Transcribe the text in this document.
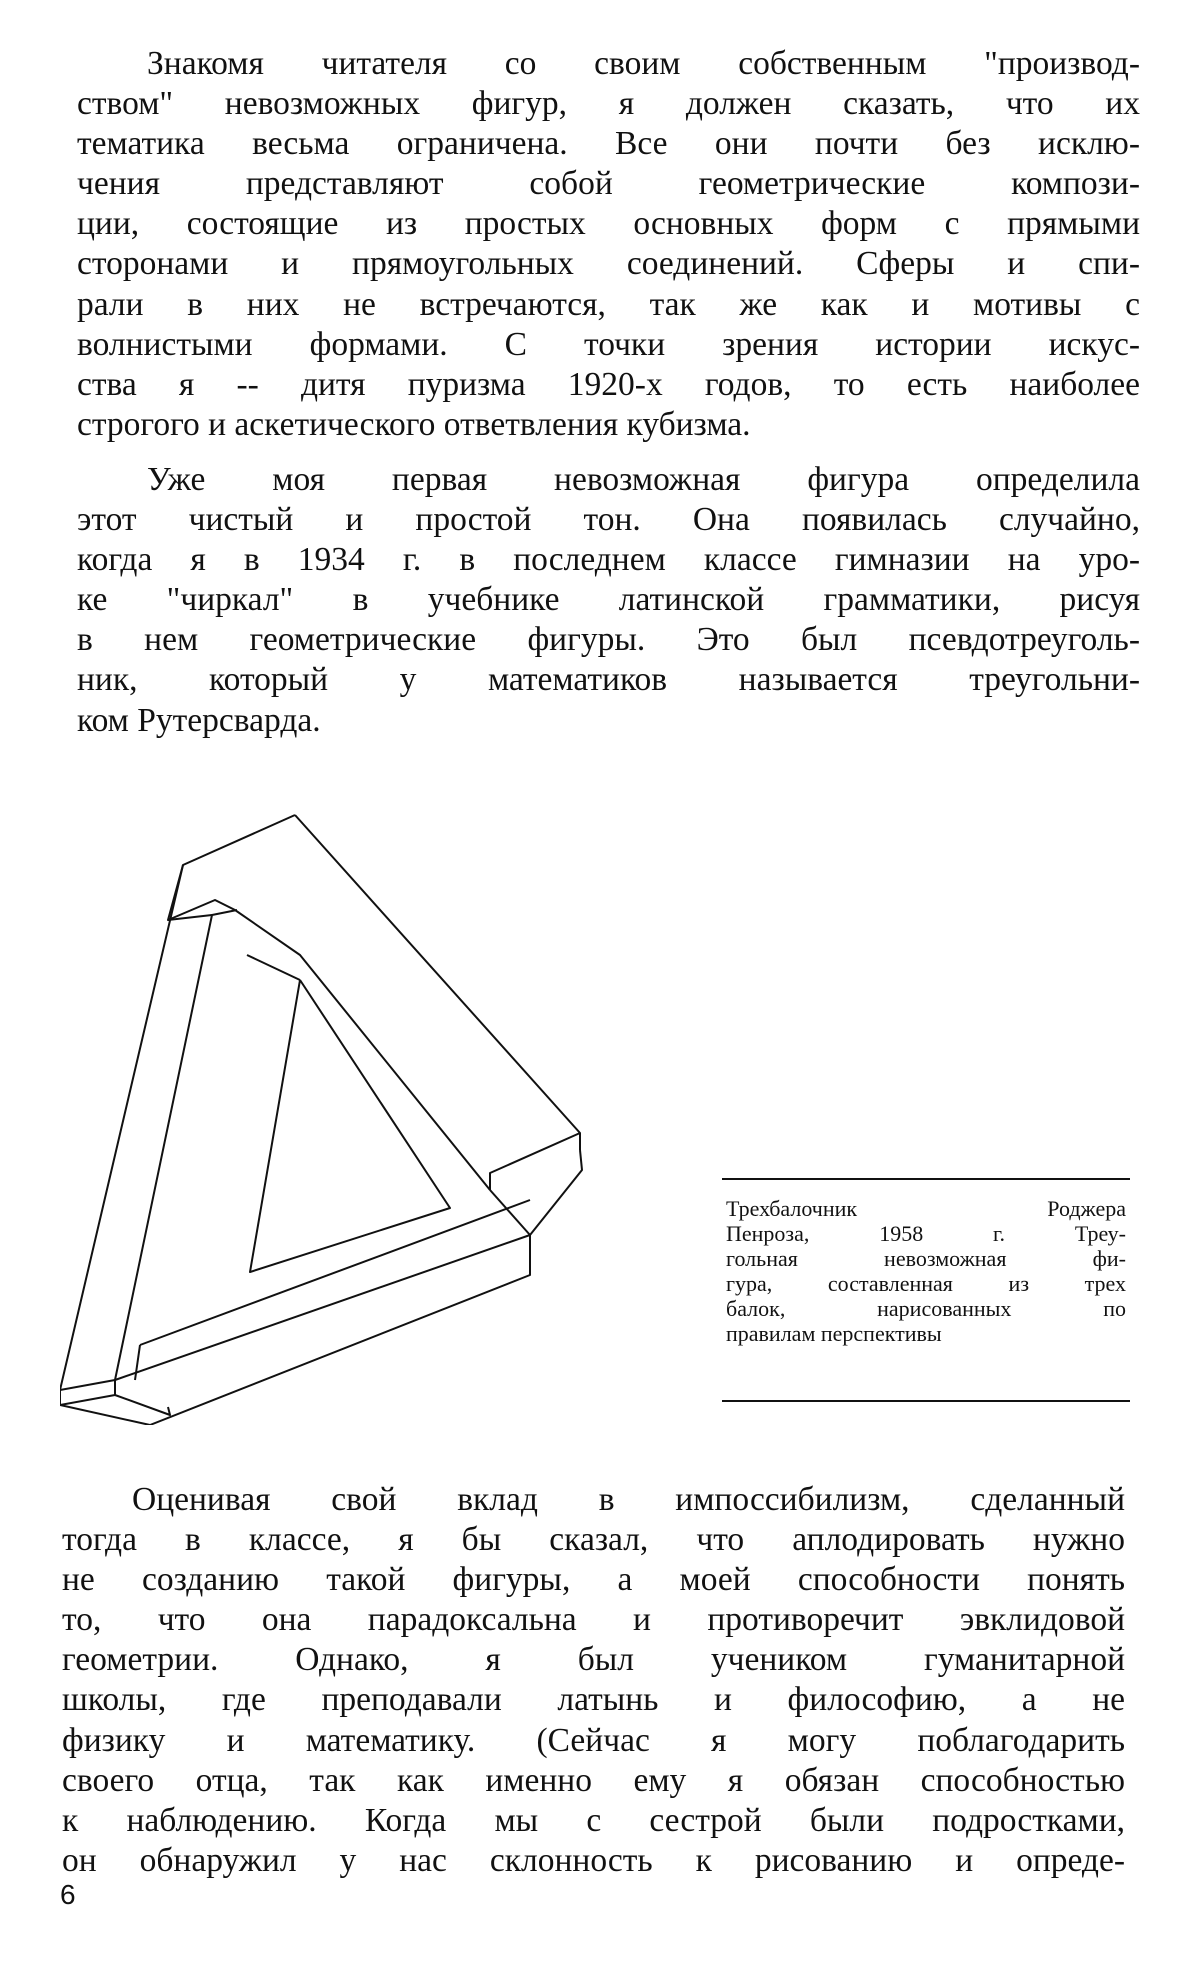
Знакомя читателя со своим собственным "производ-
ством" невозможных фигур, я должен сказать, что их
тематика весьма ограничена. Все они почти без исклю-
чения представляют собой геометрические компози-
ции, состоящие из простых основных форм с прямыми
сторонами и прямоугольных соединений. Сферы и спи-
рали в них не встречаются, так же как и мотивы с
волнистыми формами. С точки зрения истории искус-
ства я -- дитя пуризма 1920-х годов, то есть наиболее
строгого и аскетического ответвления кубизма.

Уже моя первая невозможная фигура определила
этот чистый и простой тон. Она появилась случайно,
когда я в 1934 г. в последнем классе гимназии на уро-
ке "чиркал" в учебнике латинской грамматики, рисуя
в нем геометрические фигуры. Это был псевдотреуголь-
ник, который у математиков называется треугольни-
ком Рутерсварда.

Трехбалочник Роджера
Пенроза, 1958 г. Треу-
гольная невозможная фи-
гура, составленная из трех
балок, нарисованных по
правилам перспективы

Оценивая свой вклад в импоссибилизм, сделанный
тогда в классе, я бы сказал, что аплодировать нужно
не созданию такой фигуры, а моей способности понять
то, что она парадоксальна и противоречит эвклидовой
геометрии. Однако, я был учеником гуманитарной
школы, где преподавали латынь и философию, а не
физику и математику. (Сейчас я могу поблагодарить
своего отца, так как именно ему я обязан способностью
к наблюдению. Когда мы с сестрой были подростками,
он обнаружил у нас склонность к рисованию и опреде-

6
